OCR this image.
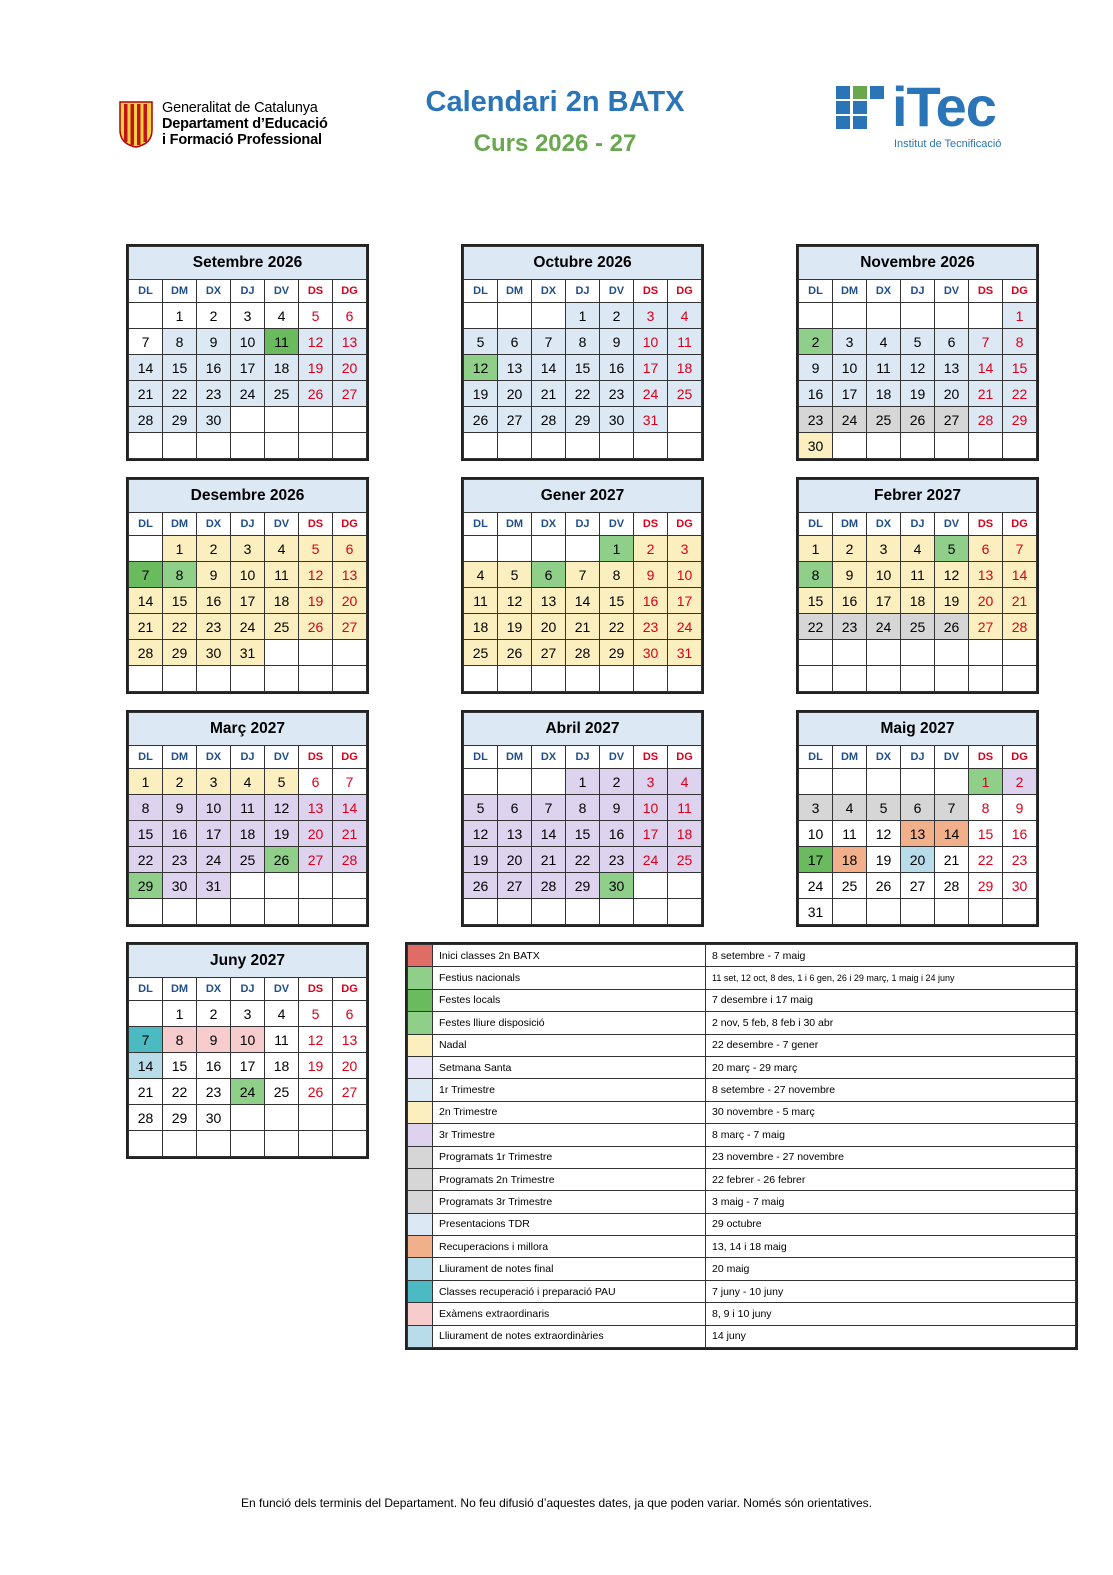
Generalitat de Catalunya
Departament d’Educació
i Formació Professional
Calendari 2n BATX
Curs 2026 - 27
iTec
Institut de Tecnificació
Setembre 2026						
DL	DM	DX	DJ	DV	DS	DG
	1	2	3	4	5	6
7	8	9	10	11	12	13
14	15	16	17	18	19	20
21	22	23	24	25	26	27
28	29	30				

Octubre 2026						
DL	DM	DX	DJ	DV	DS	DG
			1	2	3	4
5	6	7	8	9	10	11
12	13	14	15	16	17	18
19	20	21	22	23	24	25
26	27	28	29	30	31	

Novembre 2026						
DL	DM	DX	DJ	DV	DS	DG
						1
2	3	4	5	6	7	8
9	10	11	12	13	14	15
16	17	18	19	20	21	22
23	24	25	26	27	28	29
30						
Desembre 2026						
DL	DM	DX	DJ	DV	DS	DG
	1	2	3	4	5	6
7	8	9	10	11	12	13
14	15	16	17	18	19	20
21	22	23	24	25	26	27
28	29	30	31			

Gener 2027						
DL	DM	DX	DJ	DV	DS	DG
				1	2	3
4	5	6	7	8	9	10
11	12	13	14	15	16	17
18	19	20	21	22	23	24
25	26	27	28	29	30	31

Febrer 2027						
DL	DM	DX	DJ	DV	DS	DG
1	2	3	4	5	6	7
8	9	10	11	12	13	14
15	16	17	18	19	20	21
22	23	24	25	26	27	28

Març 2027						
DL	DM	DX	DJ	DV	DS	DG
1	2	3	4	5	6	7
8	9	10	11	12	13	14
15	16	17	18	19	20	21
22	23	24	25	26	27	28
29	30	31				

Abril 2027						
DL	DM	DX	DJ	DV	DS	DG
			1	2	3	4
5	6	7	8	9	10	11
12	13	14	15	16	17	18
19	20	21	22	23	24	25
26	27	28	29	30		

Maig 2027						
DL	DM	DX	DJ	DV	DS	DG
					1	2
3	4	5	6	7	8	9
10	11	12	13	14	15	16
17	18	19	20	21	22	23
24	25	26	27	28	29	30
31						
Juny 2027						
DL	DM	DX	DJ	DV	DS	DG
	1	2	3	4	5	6
7	8	9	10	11	12	13
14	15	16	17	18	19	20
21	22	23	24	25	26	27
28	29	30				

	Inici classes 2n BATX	8 setembre - 7 maig
	Festius nacionals	11 set, 12 oct, 8 des, 1 i 6 gen, 26 i 29 març, 1 maig i 24 juny
	Festes locals	7 desembre i 17 maig
	Festes lliure disposició	2 nov, 5 feb, 8 feb i 30 abr
	Nadal	22 desembre - 7 gener
	Setmana Santa	20 març - 29 març
	1r Trimestre	8 setembre - 27 novembre
	2n Trimestre	30 novembre - 5 març
	3r Trimestre	8 març - 7 maig
	Programats 1r Trimestre	23 novembre - 27 novembre
	Programats 2n Trimestre	22 febrer - 26 febrer
	Programats 3r Trimestre	3 maig - 7 maig
	Presentacions TDR	29 octubre
	Recuperacions i millora	13, 14 i 18 maig
	Lliurament de notes final	20 maig
	Classes recuperació i preparació PAU	7 juny - 10 juny
	Exàmens extraordinaris	8, 9 i 10 juny
	Lliurament de notes extraordinàries	14 juny
En funció dels terminis del Departament. No feu difusió d’aquestes dates, ja que poden variar. Només són orientatives.
